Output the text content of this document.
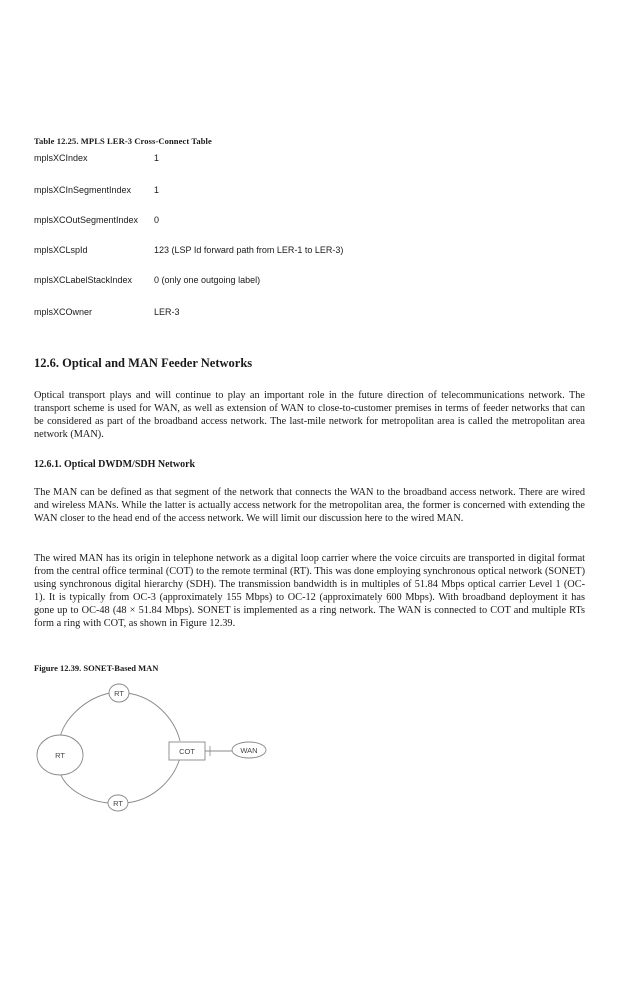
Table 12.25. MPLS LER-3 Cross-Connect Table
mplsXCIndex	1
mplsXCInSegmentIndex	1
mplsXCOutSegmentIndex 0
mplsXCLspId	123 (LSP Id forward path from LER-1 to LER-3)
mplsXCLabelStackIndex 0 (only one outgoing label)
mplsXCOwner	LER-3
12.6. Optical and MAN Feeder Networks

Optical transport plays and will continue to play an important role in the future direction of telecommunications network. The transport scheme is used for WAN, as well as extension of WAN to close-to-customer premises in terms of feeder networks that can be considered as part of the broadband access network. The last-mile network for metropolitan area is called the metropolitan area network (MAN).

12.6.1. Optical DWDM/SDH Network

The MAN can be defined as that segment of the network that connects the WAN to the broadband access network. There are wired and wireless MANs. While the latter is actually access network for the metropolitan area, the former is concerned with extending the WAN closer to the head end of the access network. We will limit our discussion here to the wired MAN.

The wired MAN has its origin in telephone network as a digital loop carrier where the voice circuits are transported in digital format from the central office terminal (COT) to the remote terminal (RT). This was done employing synchronous optical network (SONET) using synchronous digital hierarchy (SDH). The transmission bandwidth is in multiples of 51.84 Mbps optical carrier Level 1 (OC-1). It is typically from OC-3 (approximately 155 Mbps) to OC-12 (approximately 600 Mbps). With broadband deployment it has gone up to OC-48 (48 × 51.84 Mbps). SONET is implemented as a ring network. The WAN is connected to COT and multiple RTs form a ring with COT, as shown in Figure 12.39.

Figure 12.39. SONET-Based MAN
RT
RT
RT
COT	WAN
